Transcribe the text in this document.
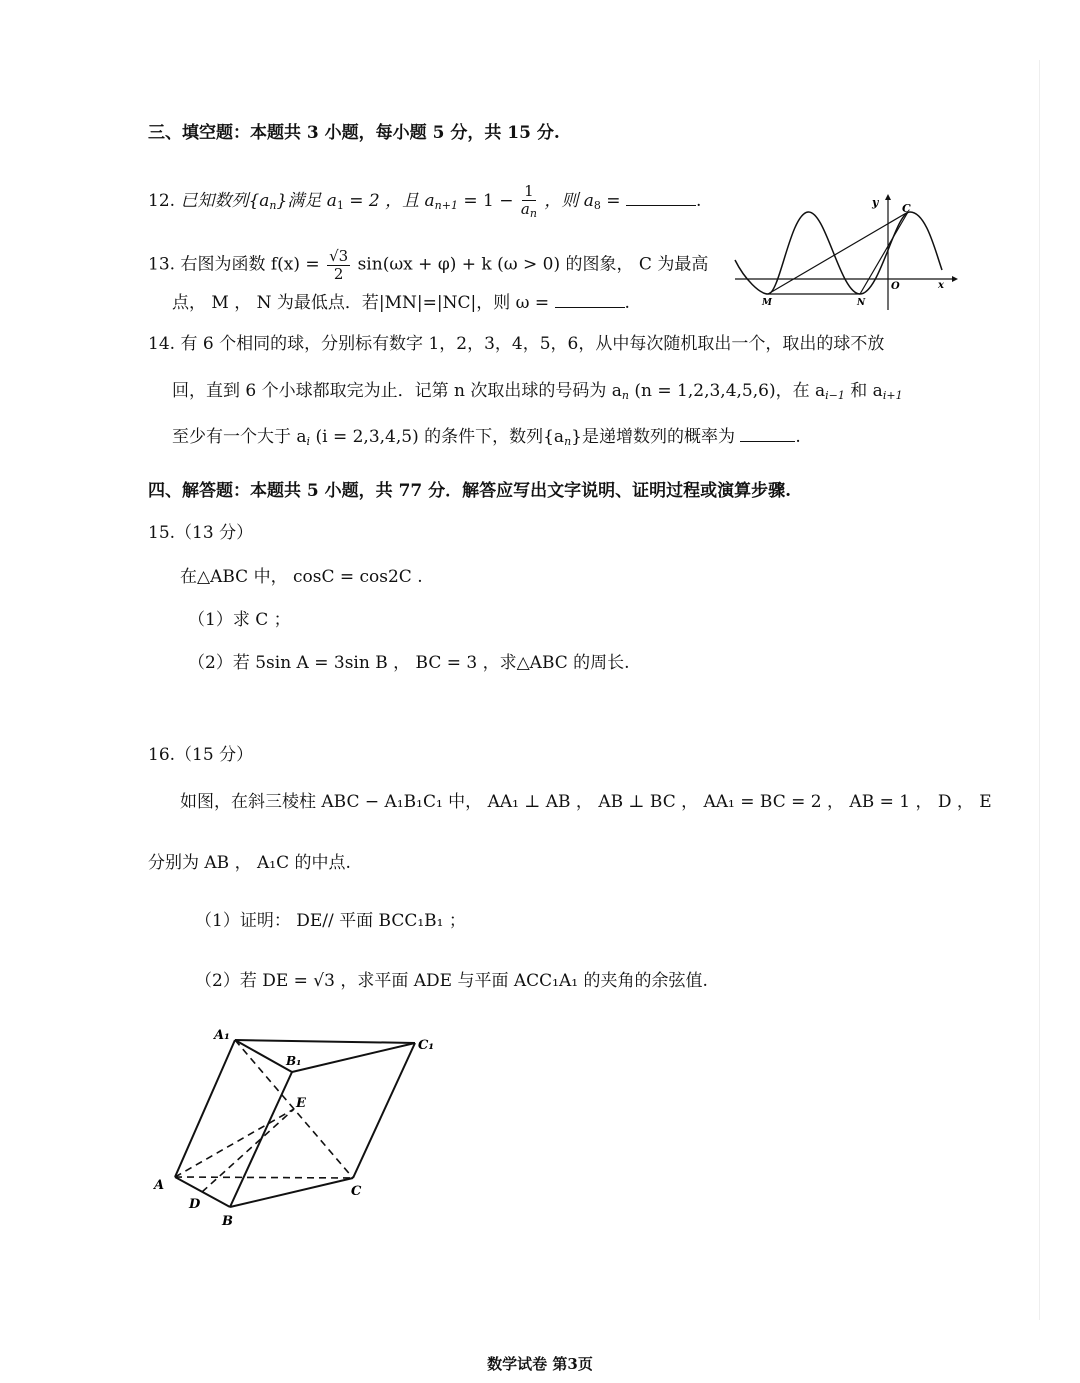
三、填空题：本题共 3 小题，每小题 5 分，共 15 分.
12. 已知数列$\{a_n\}$满足 $a_1 = 2$ ，且 $a_{n+1} = 1 - \frac{1}{a_n}$ ，则 $a_8$ =	.
13. 右图为函数 $f(x) = \frac{√3}{2} \sin(\omega x + \varphi) + k$ (ω > 0) 的图象， C 为最高
点， M ， N 为最低点．若|MN|=|NC|，则 ω =	.
y C
O	x
M	N
14. 有 6 个相同的球，分别标有数字 1，2，3，4，5，6，从中每次随机取出一个，取出的球不放
回，直到 6 个小球都取完为止．记第 n 次取出球的号码为 $a_n$ (n = 1,2,3,4,5,6)，在 $a_{i-1}$ 和 $a_{i+1}$
至少有一个大于 $a_i$ (i = 2,3,4,5) 的条件下，数列$\{a_n\}$是递增数列的概率为	.
四、解答题：本题共 5 小题，共 77 分．解答应写出文字说明、证明过程或演算步骤.
15.（13 分）
在△ABC 中， cosC = cos2C .
（1）求 C ；
（2）若 5sin A = 3sin B ， BC = 3 ，求△ABC 的周长.
16.（15 分）
如图，在斜三棱柱 ABC − A₁B₁C₁ 中， AA₁ ⊥ AB ， AB ⊥ BC ， AA₁ = BC = 2 ， AB = 1 ， D ， E
分别为 AB ， A₁C 的中点.
（1）证明： DE// 平面 BCC₁B₁ ；
（2）若 DE = √3 ，求平面 ADE 与平面 ACC₁A₁ 的夹角的余弦值.
A₁
B₁
C₁
E
A
D
B
C
数学试卷 第3页
